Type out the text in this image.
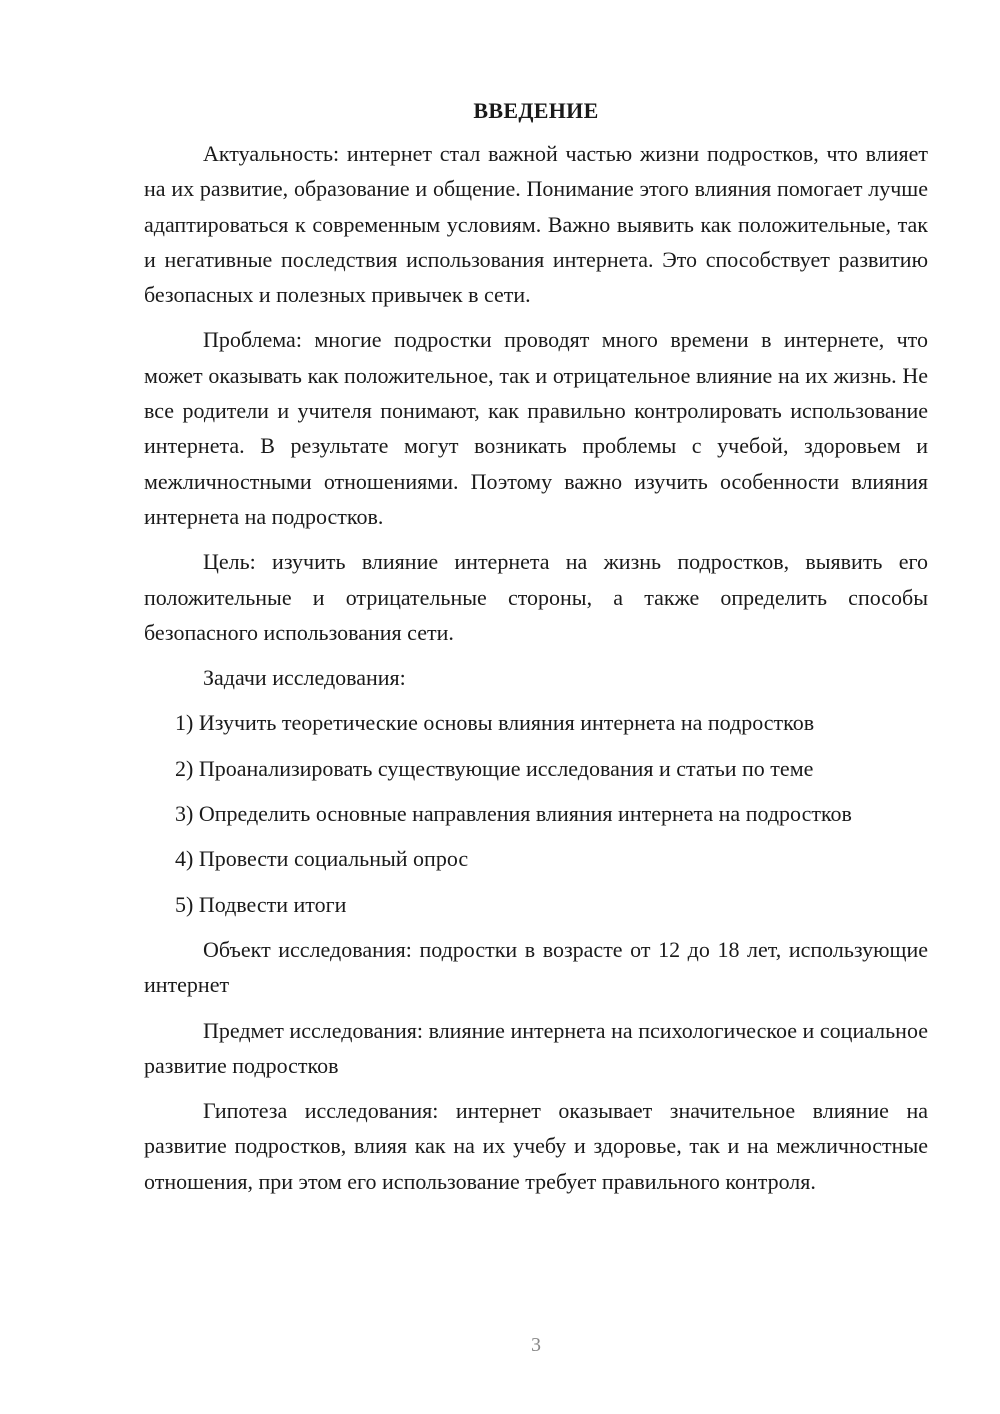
ВВЕДЕНИЕ

Актуальность: интернет стал важной частью жизни подростков, что влияет на их развитие, образование и общение. Понимание этого влияния помогает лучше адаптироваться к современным условиям. Важно выявить как положительные, так и негативные последствия использования интернета. Это способствует развитию безопасных и полезных привычек в сети.

Проблема: многие подростки проводят много времени в интернете, что может оказывать как положительное, так и отрицательное влияние на их жизнь. Не все родители и учителя понимают, как правильно контролировать использование интернета. В результате могут возникать проблемы с учебой, здоровьем и межличностными отношениями. Поэтому важно изучить особенности влияния интернета на подростков.

Цель: изучить влияние интернета на жизнь подростков, выявить его положительные и отрицательные стороны, а также определить способы безопасного использования сети.

Задачи исследования:

1) Изучить теоретические основы влияния интернета на подростков

2) Проанализировать существующие исследования и статьи по теме

3) Определить основные направления влияния интернета на подростков

4) Провести социальный опрос

5) Подвести итоги

Объект исследования: подростки в возрасте от 12 до 18 лет, использующие интернет

Предмет исследования: влияние интернета на психологическое и социальное развитие подростков

Гипотеза исследования: интернет оказывает значительное влияние на развитие подростков, влияя как на их учебу и здоровье, так и на межличностные отношения, при этом его использование требует правильного контроля.

3
